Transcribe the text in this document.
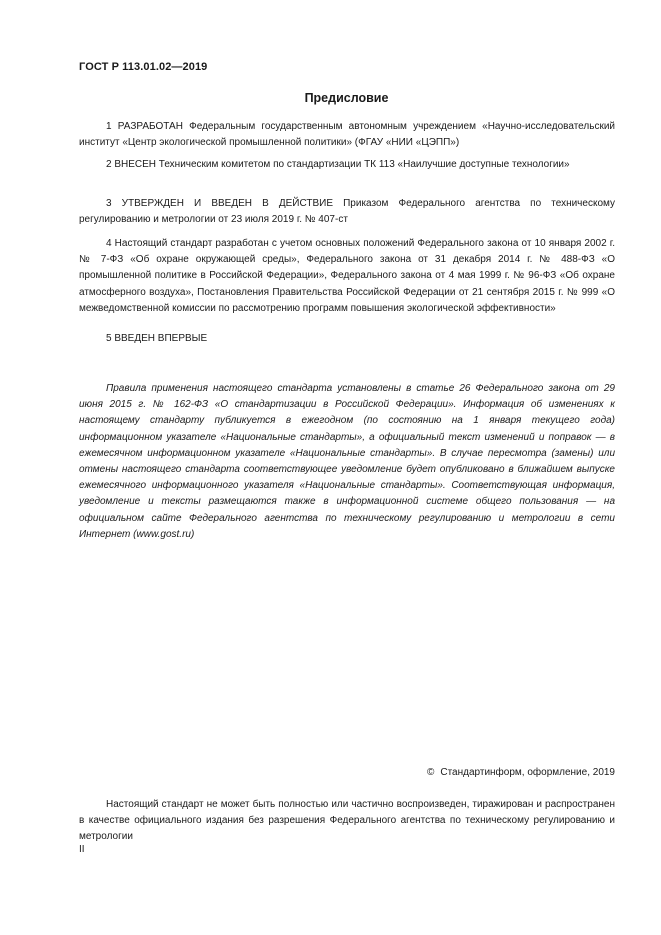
ГОСТ Р 113.01.02—2019
Предисловие
1 РАЗРАБОТАН Федеральным государственным автономным учреждением «Научно-исследовательский институт «Центр экологической промышленной политики» (ФГАУ «НИИ «ЦЭПП»)
2 ВНЕСЕН Техническим комитетом по стандартизации ТК 113 «Наилучшие доступные технологии»
3 УТВЕРЖДЕН И ВВЕДЕН В ДЕЙСТВИЕ Приказом Федерального агентства по техническому регулированию и метрологии от 23 июля 2019 г. № 407-ст
4 Настоящий стандарт разработан с учетом основных положений Федерального закона от 10 января 2002 г. № 7-ФЗ «Об охране окружающей среды», Федерального закона от 31 декабря 2014 г. № 488-ФЗ «О промышленной политике в Российской Федерации», Федерального закона от 4 мая 1999 г. № 96-ФЗ «Об охране атмосферного воздуха», Постановления Правительства Российской Федерации от 21 сентября 2015 г. № 999 «О межведомственной комиссии по рассмотрению программ повышения экологической эффективности»
5 ВВЕДЕН ВПЕРВЫЕ
Правила применения настоящего стандарта установлены в статье 26 Федерального закона от 29 июня 2015 г. № 162-ФЗ «О стандартизации в Российской Федерации». Информация об изменениях к настоящему стандарту публикуется в ежегодном (по состоянию на 1 января текущего года) информационном указателе «Национальные стандарты», а официальный текст изменений и поправок — в ежемесячном информационном указателе «Национальные стандарты». В случае пересмотра (замены) или отмены настоящего стандарта соответствующее уведомление будет опубликовано в ближайшем выпуске ежемесячного информационного указателя «Национальные стандарты». Соответствующая информация, уведомление и тексты размещаются также в информационной системе общего пользования — на официальном сайте Федерального агентства по техническому регулированию и метрологии в сети Интернет (www.gost.ru)
© Стандартинформ, оформление, 2019
Настоящий стандарт не может быть полностью или частично воспроизведен, тиражирован и распространен в качестве официального издания без разрешения Федерального агентства по техническому регулированию и метрологии
II
